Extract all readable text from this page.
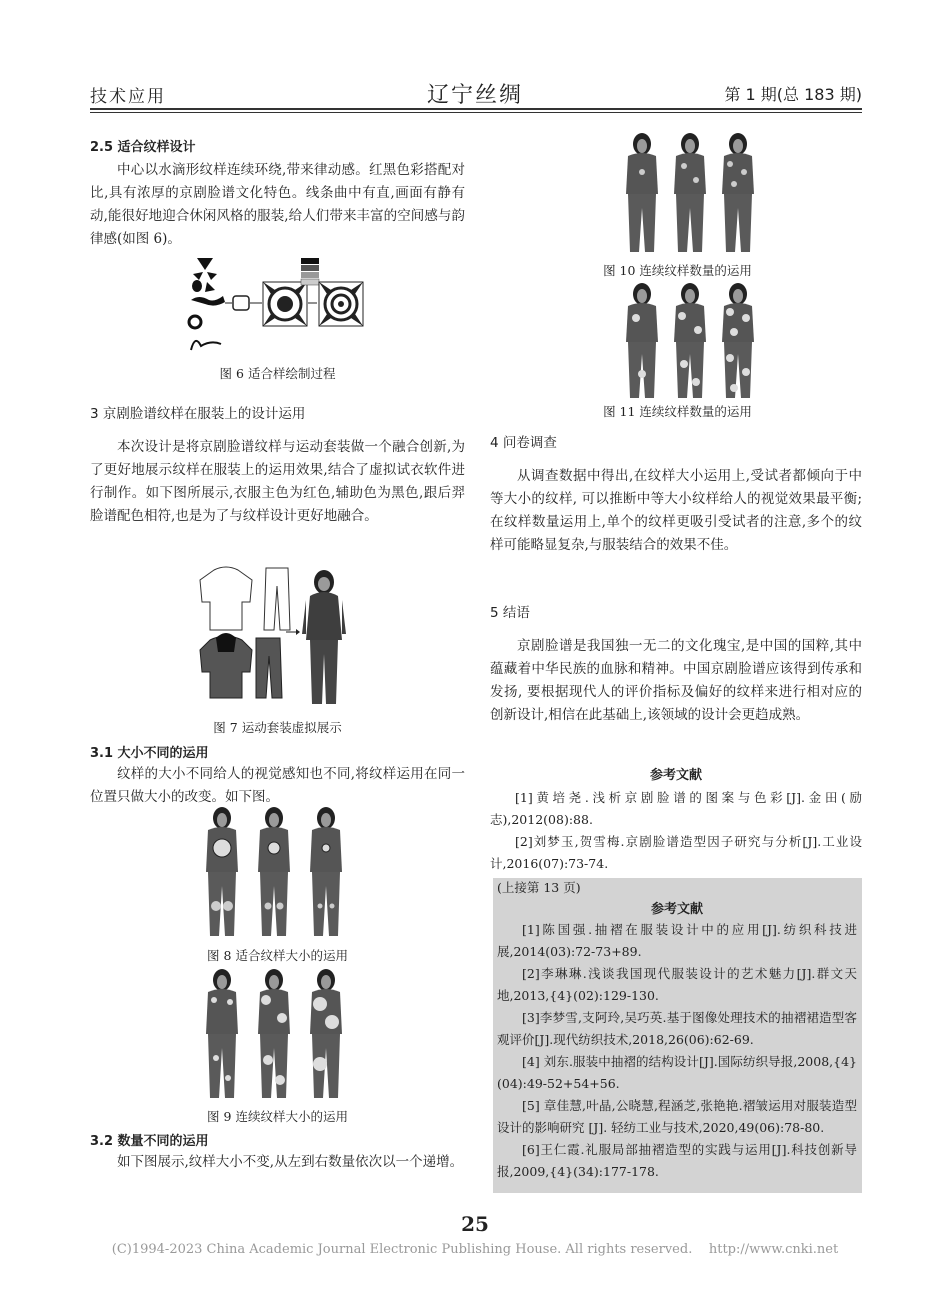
技术应用	辽宁丝绸	第 1 期(总 183 期)

2.5 适合纹样设计

中心以水滴形纹样连续环绕,带来律动感。红黑色彩搭配对比,具有浓厚的京剧脸谱文化特色。线条曲中有直,画面有静有动,能很好地迎合休闲风格的服装,给人们带来丰富的空间感与韵律感(如图 6)。

图 6 适合样绘制过程

3 京剧脸谱纹样在服装上的设计运用

本次设计是将京剧脸谱纹样与运动套装做一个融合创新,为了更好地展示纹样在服装上的运用效果,结合了虚拟试衣软件进行制作。如下图所展示,衣服主色为红色,辅助色为黑色,跟后羿脸谱配色相符,也是为了与纹样设计更好地融合。

图 7 运动套装虚拟展示

3.1 大小不同的运用

纹样的大小不同给人的视觉感知也不同,将纹样运用在同一位置只做大小的改变。如下图。

图 8 适合纹样大小的运用

图 9 连续纹样大小的运用

3.2 数量不同的运用

如下图展示,纹样大小不变,从左到右数量依次以一个递增。

图 10 连续纹样数量的运用

图 11 连续纹样数量的运用

4 问卷调查

从调查数据中得出,在纹样大小运用上,受试者都倾向于中等大小的纹样, 可以推断中等大小纹样给人的视觉效果最平衡;在纹样数量运用上,单个的纹样更吸引受试者的注意,多个的纹样可能略显复杂,与服装结合的效果不佳。

5 结语

京剧脸谱是我国独一无二的文化瑰宝,是中国的国粹,其中蕴藏着中华民族的血脉和精神。中国京剧脸谱应该得到传承和发扬, 要根据现代人的评价指标及偏好的纹样来进行相对应的创新设计,相信在此基础上,该领域的设计会更趋成熟。

参考文献

[1]黄培尧.浅析京剧脸谱的图案与色彩[J].金田(励志),2012(08):88.

[2]刘梦玉,贺雪梅.京剧脸谱造型因子研究与分析[J].工业设计,2016(07):73-74.

(上接第 13 页)

参考文献

[1]陈国强.抽褶在服装设计中的应用[J].纺织科技进展,2014(03):72-73+89.

[2]李琳琳.浅谈我国现代服装设计的艺术魅力[J].群文天地,2013,{4}(02):129-130.

[3]李梦雪,支阿玲,吴巧英.基于图像处理技术的抽褶裙造型客观评价[J].现代纺织技术,2018,26(06):62-69.

[4] 刘东.服装中抽褶的结构设计[J].国际纺织导报,2008,{4}(04):49-52+54+56.

[5] 章佳慧,叶晶,公晓慧,程涵芝,张艳艳.褶皱运用对服装造型设计的影响研究 [J]. 轻纺工业与技术,2020,49(06):78-80.

[6]王仁霞.礼服局部抽褶造型的实践与运用[J].科技创新导报,2009,{4}(34):177-178.

25
(C)1994-2023 China Academic Journal Electronic Publishing House. All rights reserved.    http://www.cnki.net
